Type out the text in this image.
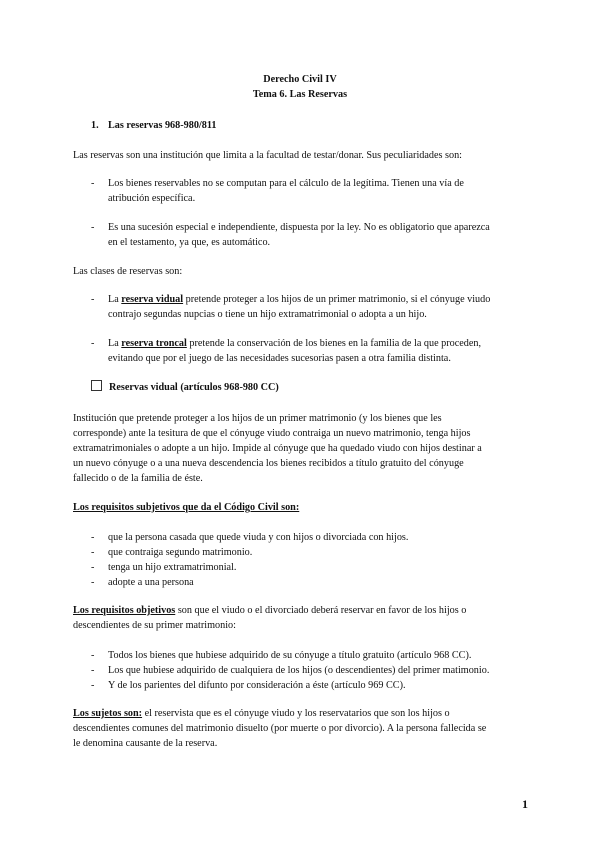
Derecho Civil IV
Tema 6. Las Reservas
1. Las reservas 968-980/811
Las reservas son una institución que limita a la facultad de testar/donar. Sus peculiaridades son:
- Los bienes reservables no se computan para el cálculo de la legítima. Tienen una vía de
atribución específica.
- Es una sucesión especial e independiente, dispuesta por la ley. No es obligatorio que aparezca
en el testamento, ya que, es automático.
Las clases de reservas son:
- La reserva vidual pretende proteger a los hijos de un primer matrimonio, si el cónyuge viudo
contrajo segundas nupcias o tiene un hijo extramatrimonial o adopta a un hijo.
- La reserva troncal pretende la conservación de los bienes en la familia de la que proceden,
evitando que por el juego de las necesidades sucesorias pasen a otra familia distinta.
Reservas vidual (artículos 968-980 CC)
Institución que pretende proteger a los hijos de un primer matrimonio (y los bienes que les
corresponde) ante la tesitura de que el cónyuge viudo contraiga un nuevo matrimonio, tenga hijos
extramatrimoniales o adopte a un hijo. Impide al cónyuge que ha quedado viudo con hijos destinar a
un nuevo cónyuge o a una nueva descendencia los bienes recibidos a título gratuito del cónyuge
fallecido o de la familia de éste.
Los requisitos subjetivos que da el Código Civil son:
- que la persona casada que quede viuda y con hijos o divorciada con hijos.
- que contraiga segundo matrimonio.
- tenga un hijo extramatrimonial.
- adopte a una persona
Los requisitos objetivos son que el viudo o el divorciado deberá reservar en favor de los hijos o
descendientes de su primer matrimonio:
- Todos los bienes que hubiese adquirido de su cónyuge a título gratuito (artículo 968 CC).
- Los que hubiese adquirido de cualquiera de los hijos (o descendientes) del primer matimonio.
- Y de los parientes del difunto por consideración a éste (artículo 969 CC).
Los sujetos son: el reservista que es el cónyuge viudo y los reservatarios que son los hijos o
descendientes comunes del matrimonio disuelto (por muerte o por divorcio). A la persona fallecida se
le denomina causante de la reserva.
1
